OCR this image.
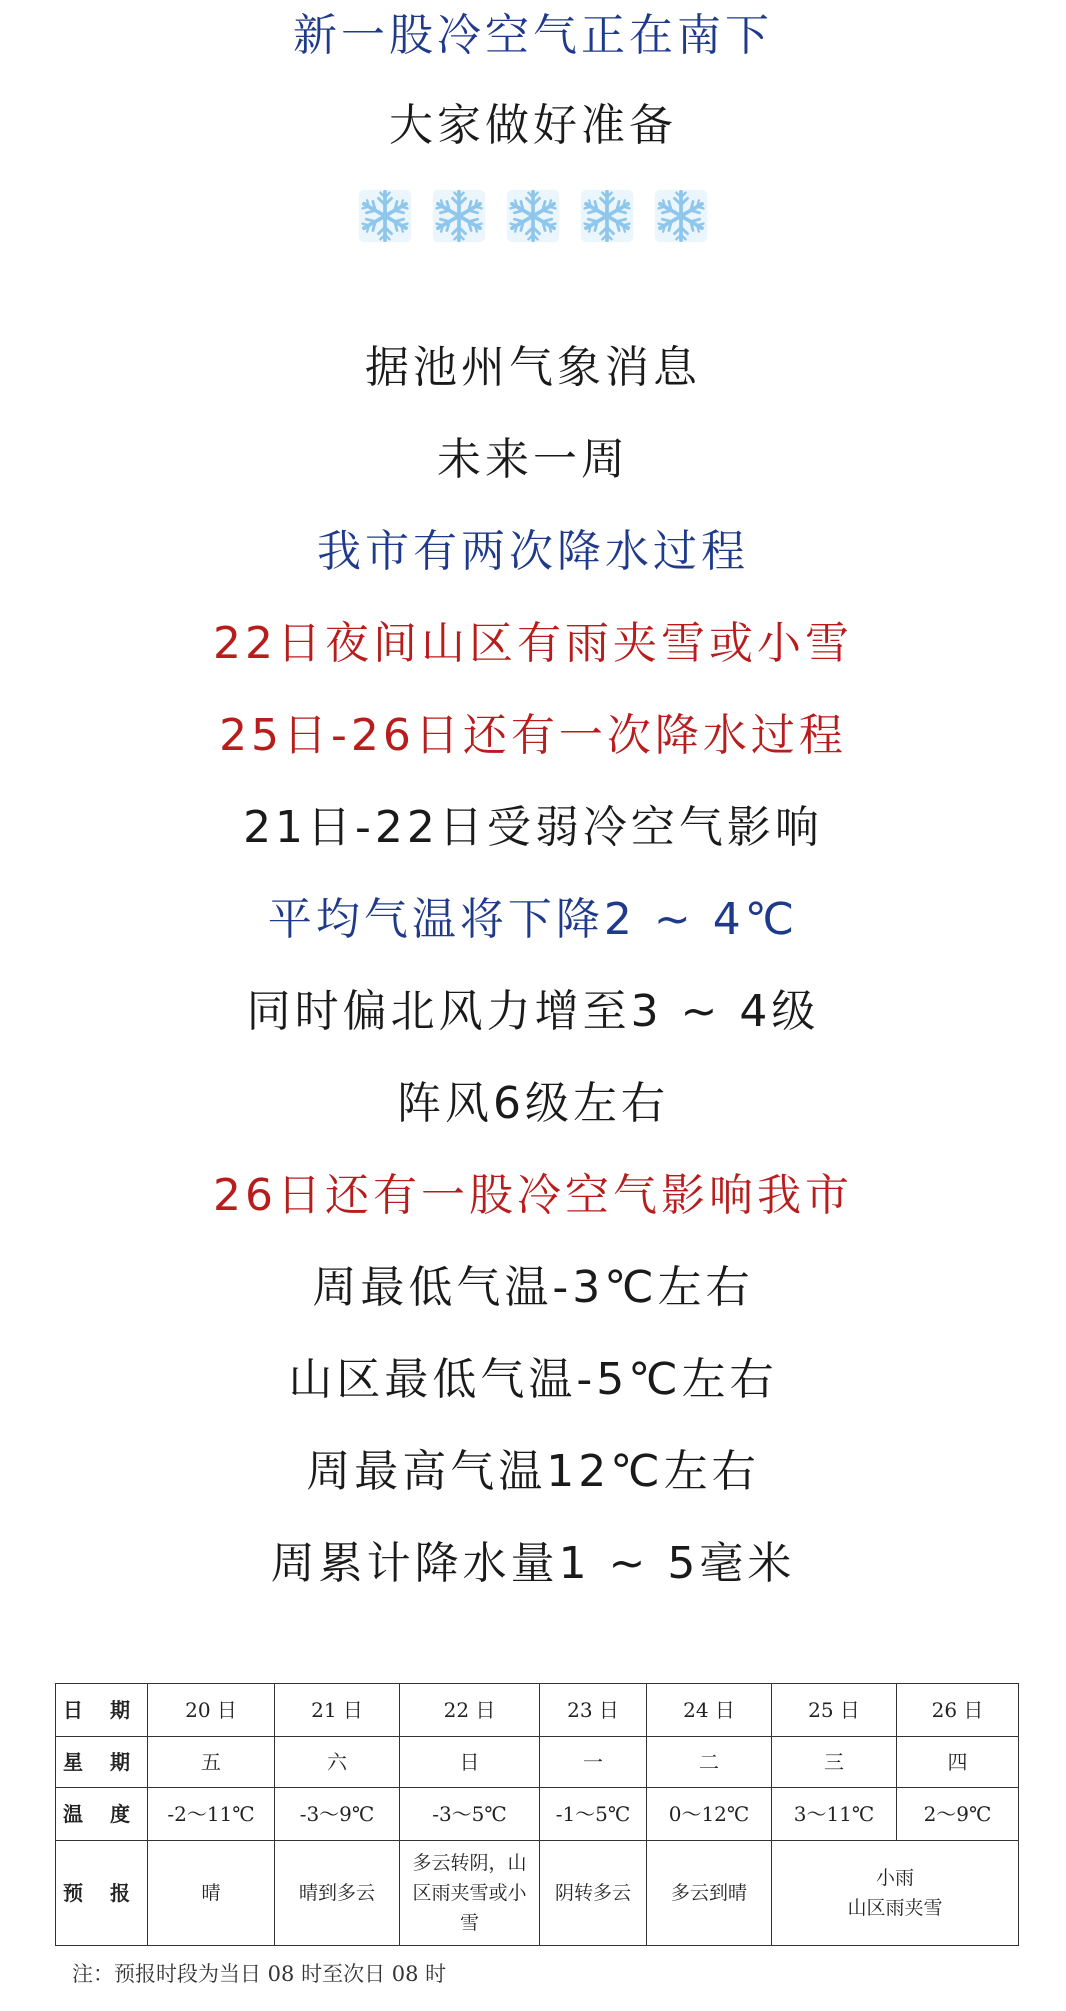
新一股冷空气正在南下
大家做好准备
据池州气象消息
未来一周
我市有两次降水过程
22日夜间山区有雨夹雪或小雪
25日-26日还有一次降水过程
21日-22日受弱冷空气影响
平均气温将下降2 ~ 4℃
同时偏北风力增至3 ~ 4级
阵风6级左右
26日还有一股冷空气影响我市
周最低气温-3℃左右
山区最低气温-5℃左右
周最高气温12℃左右
周累计降水量1 ~ 5毫米
日 期	20 日	21 日	22 日	23 日	24 日	25 日	26 日
星 期	五	六	日	一	二	三	四
温 度	-2～11℃	-3～9℃	-3～5℃	-1～5℃	0～12℃	3～11℃	2～9℃
预 报	晴	晴到多云	多云转阴，山区雨夹雪或小雪	阴转多云	多云到晴	小雨
山区雨夹雪	
注：预报时段为当日 08 时至次日 08 时
